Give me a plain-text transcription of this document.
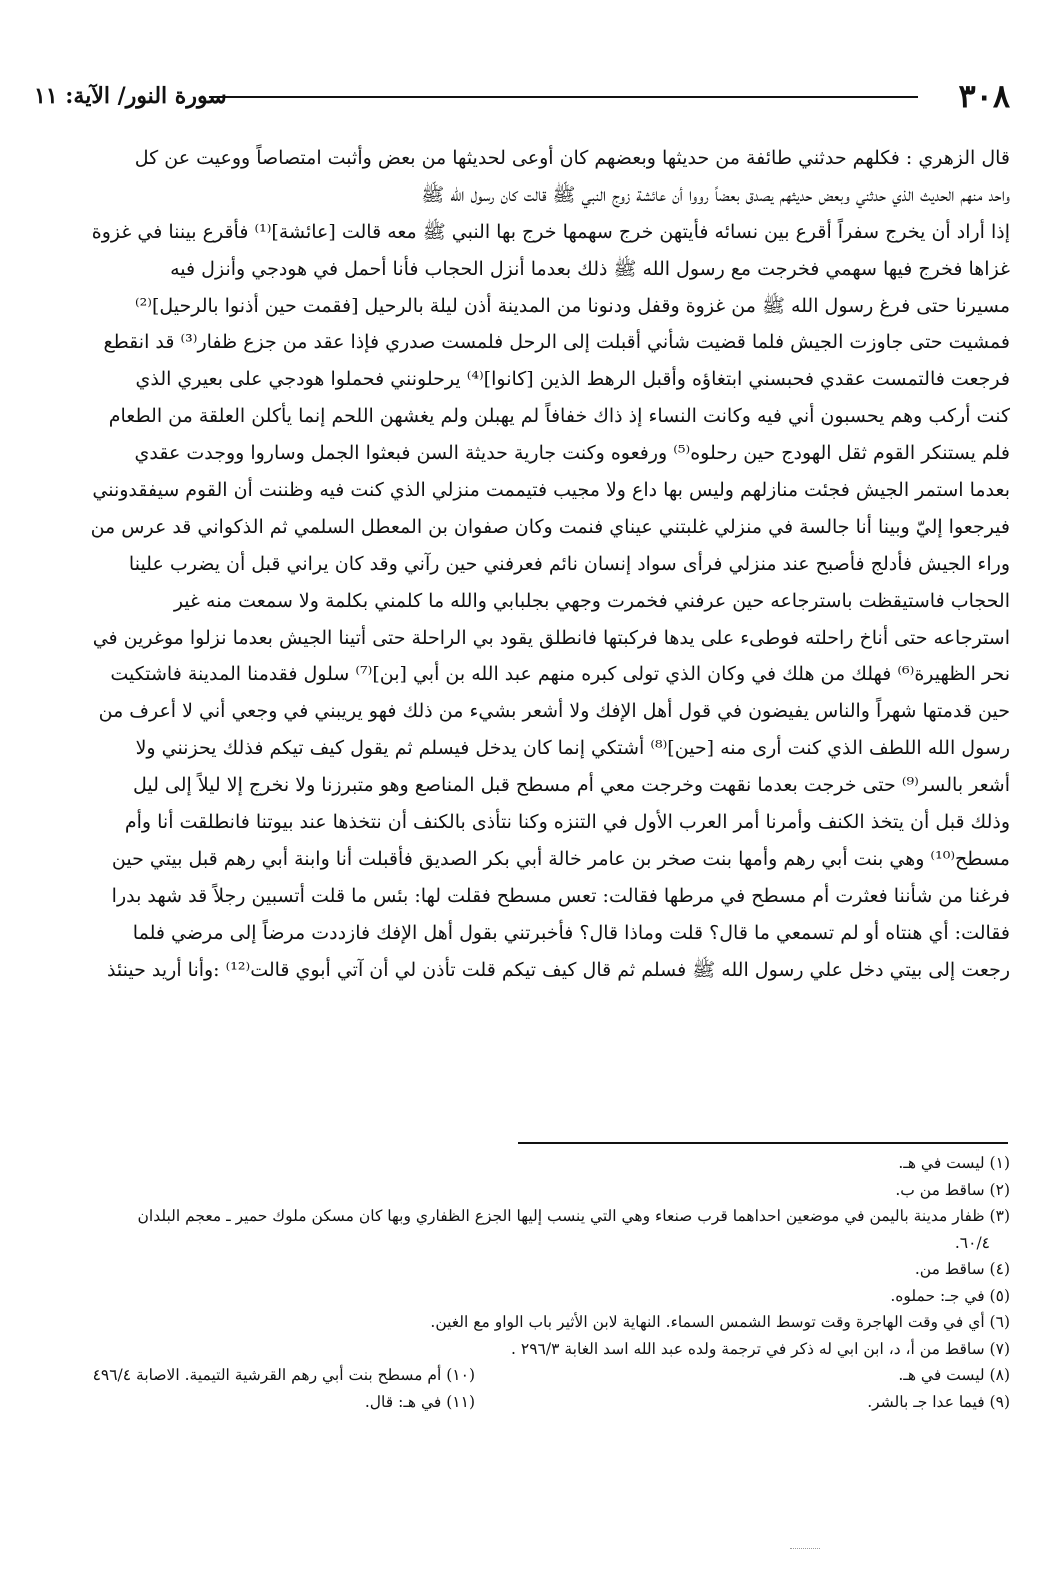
٣٠٨
سورة النور/ الآية: ١١
قال الزهري : فكلهم حدثني طائفة من حديثها وبعضهم كان أوعى لحديثها من بعض وأثبت امتصاصاً ووعيت عن كل
واحد منهم الحديث الذي حدثني وبعض حديثهم يصدق بعضاً رووا أن عائشة زوج النبي ﷺ قالت كان رسول الله ﷺ
إذا أراد أن يخرج سفراً أقرع بين نسائه فأيتهن خرج سهمها خرج بها النبي ﷺ معه قالت [عائشة]⁽¹⁾ فأقرع بيننا في غزوة
غزاها فخرج فيها سهمي فخرجت مع رسول الله ﷺ ذلك بعدما أنزل الحجاب فأنا أحمل في هودجي وأنزل فيه
مسيرنا حتى فرغ رسول الله ﷺ من غزوة وقفل ودنونا من المدينة أذن ليلة بالرحيل [فقمت حين أذنوا بالرحيل]⁽²⁾
فمشيت حتى جاوزت الجيش فلما قضيت شأني أقبلت إلى الرحل فلمست صدري فإذا عقد من جزع ظفار⁽³⁾ قد انقطع
فرجعت فالتمست عقدي فحبسني ابتغاؤه وأقبل الرهط الذين [كانوا]⁽⁴⁾ يرحلونني فحملوا هودجي على بعيري الذي
كنت أركب وهم يحسبون أني فيه وكانت النساء إذ ذاك خفافاً لم يهبلن ولم يغشهن اللحم إنما يأكلن العلقة من الطعام
فلم يستنكر القوم ثقل الهودج حين رحلوه⁽⁵⁾ ورفعوه وكنت جارية حديثة السن فبعثوا الجمل وساروا ووجدت عقدي
بعدما استمر الجيش فجئت منازلهم وليس بها داع ولا مجيب فتيممت منزلي الذي كنت فيه وظننت أن القوم سيفقدونني
فيرجعوا إليّ وبينا أنا جالسة في منزلي غلبتني عيناي فنمت وكان صفوان بن المعطل السلمي ثم الذكواني قد عرس من
وراء الجيش فأدلج فأصبح عند منزلي فرأى سواد إنسان نائم فعرفني حين رآني وقد كان يراني قبل أن يضرب علينا
الحجاب فاستيقظت باسترجاعه حين عرفني فخمرت وجهي بجلبابي والله ما كلمني بكلمة ولا سمعت منه غير
استرجاعه حتى أناخ راحلته فوطىء على يدها فركبتها فانطلق يقود بي الراحلة حتى أتينا الجيش بعدما نزلوا موغرين في
نحر الظهيرة⁽⁶⁾ فهلك من هلك في وكان الذي تولى كبره منهم عبد الله بن أبي [بن]⁽⁷⁾ سلول فقدمنا المدينة فاشتكيت
حين قدمتها شهراً والناس يفيضون في قول أهل الإفك ولا أشعر بشيء من ذلك فهو يريبني في وجعي أني لا أعرف من
رسول الله اللطف الذي كنت أرى منه [حين]⁽⁸⁾ أشتكي إنما كان يدخل فيسلم ثم يقول كيف تيكم فذلك يحزنني ولا
أشعر بالسر⁽⁹⁾ حتى خرجت بعدما نقهت وخرجت معي أم مسطح قبل المناصع وهو متبرزنا ولا نخرج إلا ليلاً إلى ليل
وذلك قبل أن يتخذ الكنف وأمرنا أمر العرب الأول في التنزه وكنا نتأذى بالكنف أن نتخذها عند بيوتنا فانطلقت أنا وأم
مسطح⁽¹⁰⁾ وهي بنت أبي رهم وأمها بنت صخر بن عامر خالة أبي بكر الصديق فأقبلت أنا وابنة أبي رهم قبل بيتي حين
فرغنا من شأننا فعثرت أم مسطح في مرطها فقالت: تعس مسطح فقلت لها: بئس ما قلت أتسبين رجلاً قد شهد بدرا
فقالت: أي هنتاه أو لم تسمعي ما قال؟ قلت وماذا قال؟ فأخبرتني بقول أهل الإفك فازددت مرضاً إلى مرضي فلما
رجعت إلى بيتي دخل علي رسول الله ﷺ فسلم ثم قال كيف تيكم قلت تأذن لي أن آتي أبوي قالت⁽¹²⁾ :وأنا أريد حينئذ
(١) ليست في هـ.
(٢) ساقط من ب.
(٣) ظفار مدينة باليمن في موضعين احداهما قرب صنعاء وهي التي ينسب إليها الجزع الظفاري وبها كان مسكن ملوك حمير ـ معجم البلدان
٦٠/٤.
(٤) ساقط من.
(٥) في جـ: حملوه.
(٦) أي في وقت الهاجرة وقت توسط الشمس السماء. النهاية لابن الأثير باب الواو مع الغين.
(٧) ساقط من أ، د، ابن ابي له ذكر في ترجمة ولده عبد الله اسد الغابة ٢٩٦/٣ .
(٨) ليست في هـ.
(١٠) أم مسطح بنت أبي رهم القرشية التيمية. الاصابة ٤٩٦/٤
(٩) فيما عدا جـ بالشر.
(١١) في هـ: قال.
